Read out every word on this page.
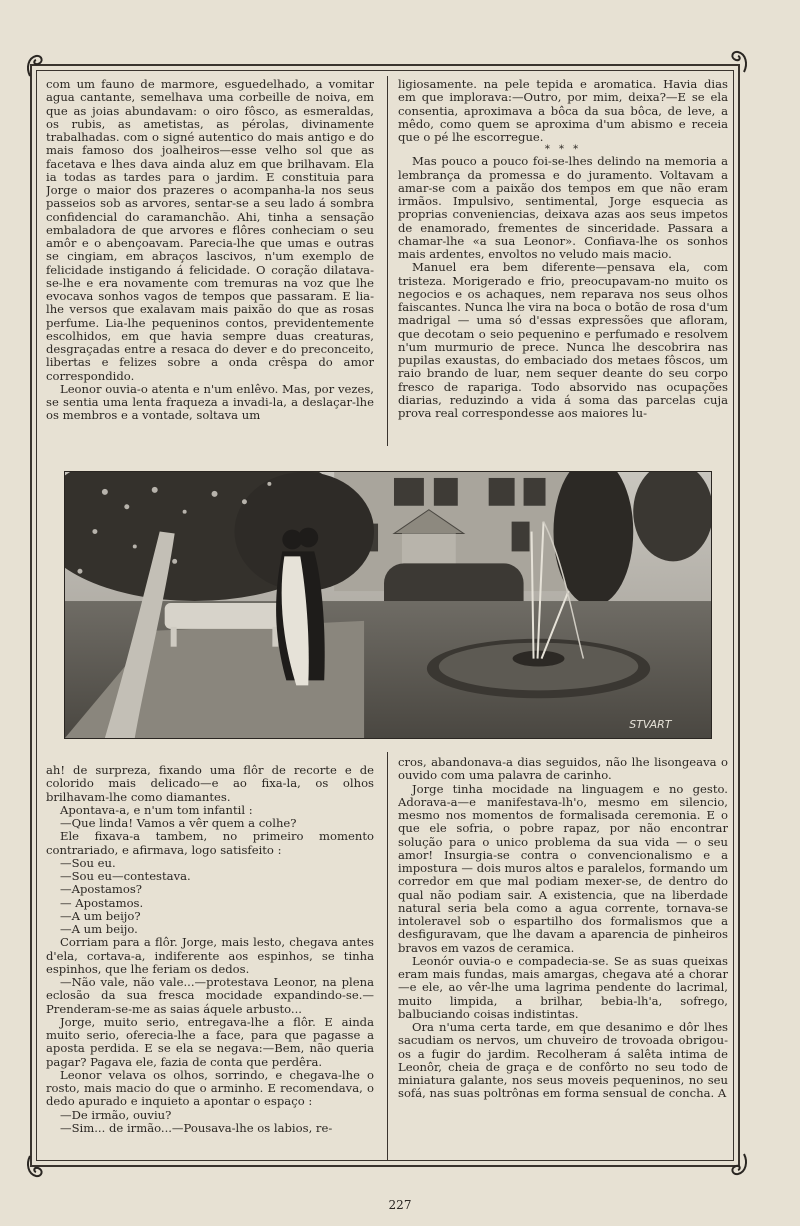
com um fauno de marmore, esguedelhado, a vomitar agua cantante, semelhava uma corbeille de noiva, em que as joias abundavam: o oiro fôsco, as esmeraldas, os rubis, as ametistas, as pérolas, divinamente trabalhadas. com o signé autentico do mais antigo e do mais famoso dos joalheiros—esse velho sol que as facetava e lhes dava ainda aluz em que brilhavam. Ela ia todas as tardes para o jardim. E constituia para Jorge o maior dos prazeres o acompanha-la nos seus passeios sob as arvores, sentar-se a seu lado á sombra confidencial do caramanchão. Ahi, tinha a sensação embaladora de que arvores e flôres conheciam o seu amôr e o abençoavam. Parecia-lhe que umas e outras se cingiam, em abraços lascivos, n'um exemplo de felicidade instigando á felicidade. O coração dilatava-se-lhe e era novamente com tremuras na voz que lhe evocava sonhos vagos de tempos que passaram. E lia-lhe versos que exalavam mais paixão do que as rosas perfume. Lia-lhe pequeninos contos, previdentemente escolhidos, em que havia sempre duas creaturas, desgraçadas entre a resaca do dever e do preconceito, libertas e felizes sobre a onda crêspa do amor correspondido.

Leonor ouvia-o atenta e n'um enlêvo. Mas, por vezes, se sentia uma lenta fraqueza a invadi-la, a deslaçar-lhe os membros e a vontade, soltava um

ligiosamente. na pele tepida e aromatica. Havia dias em que implorava:—Outro, por mim, deixa?—E se ela consentia, aproximava a bôca da sua bôca, de leve, a mêdo, como quem se aproxima d'um abismo e receia que o pé lhe escorregue.

* * *

Mas pouco a pouco foi-se-lhes delindo na memoria a lembrança da promessa e do juramento. Voltavam a amar-se com a paixão dos tempos em que não eram irmãos. Impulsivo, sentimental, Jorge esquecia as proprias conveniencias, deixava azas aos seus impetos de enamorado, frementes de sinceridade. Passara a chamar-lhe «a sua Leonor». Confiava-lhe os sonhos mais ardentes, envoltos no veludo mais macio.

Manuel era bem diferente—pensava ela, com tristeza. Morigerado e frio, preocupavam-no muito os negocios e os achaques, nem reparava nos seus olhos faiscantes. Nunca lhe vira na boca o botão de rosa d'um madrigal — uma só d'essas expressões que afloram, que decotam o seio pequenino e perfumado e resolvem n'um murmurio de prece. Nunca lhe descobrira nas pupilas exaustas, do embaciado dos metaes fôscos, um raio brando de luar, nem sequer deante do seu corpo fresco de rapariga. Todo absorvido nas ocupações diarias, reduzindo a vida á soma das parcelas cuja prova real correspondesse aos maiores lu-

STVART

ah! de surpreza, fixando uma flôr de recorte e de colorido mais delicado—e ao fixa-la, os olhos brilhavam-lhe como diamantes.

Apontava-a, e n'um tom infantil :

—Que linda! Vamos a vêr quem a colhe?

Ele fixava-a tambem, no primeiro momento contrariado, e afirmava, logo satisfeito :

—Sou eu.

—Sou eu—contestava.

—Apostamos?

— Apostamos.

—A um beijo?

—A um beijo.

Corriam para a flôr. Jorge, mais lesto, chegava antes d'ela, cortava-a, indiferente aos espinhos, se tinha espinhos, que lhe feriam os dedos.

—Não vale, não vale...—protestava Leonor, na plena eclosão da sua fresca mocidade expandindo-se.—Prenderam-se-me as saias áquele arbusto...

Jorge, muito serio, entregava-lhe a flôr. E ainda muito serio, oferecia-lhe a face, para que pagasse a aposta perdida. E se ela se negava:—Bem, não queria pagar? Pagava ele, fazia de conta que perdêra.

Leonor velava os olhos, sorrindo, e chegava-lhe o rosto, mais macio do que o arminho. E recomendava, o dedo apurado e inquieto a apontar o espaço :

—De irmão, ouviu?

—Sim... de irmão...—Pousava-lhe os labios, re-

cros, abandonava-a dias seguidos, não lhe lisongeava o ouvido com uma palavra de carinho.

Jorge tinha mocidade na linguagem e no gesto. Adorava-a—e manifestava-lh'o, mesmo em silencio, mesmo nos momentos de formalisada ceremonia. E o que ele sofria, o pobre rapaz, por não encontrar solução para o unico problema da sua vida — o seu amor! Insurgia-se contra o convencionalismo e a impostura — dois muros altos e paralelos, formando um corredor em que mal podiam mexer-se, de dentro do qual não podiam sair. A existencia, que na liberdade natural seria bela como a agua corrente, tornava-se intoleravel sob o espartilho dos formalismos que a desfiguravam, que lhe davam a aparencia de pinheiros bravos em vazos de ceramica.

Leonór ouvia-o e compadecia-se. Se as suas queixas eram mais fundas, mais amargas, chegava até a chorar—e ele, ao vêr-lhe uma lagrima pendente do lacrimal, muito limpida, a brilhar, bebia-lh'a, sofrego, balbuciando coisas indistintas.

Ora n'uma certa tarde, em que desanimo e dôr lhes sacudiam os nervos, um chuveiro de trovoada obrigou-os a fugir do jardim. Recolheram á salêta intima de Leonôr, cheia de graça e de confôrto no seu todo de miniatura galante, nos seus moveis pequeninos, no seu sofá, nas suas poltrônas em forma sensual de concha. A

227
